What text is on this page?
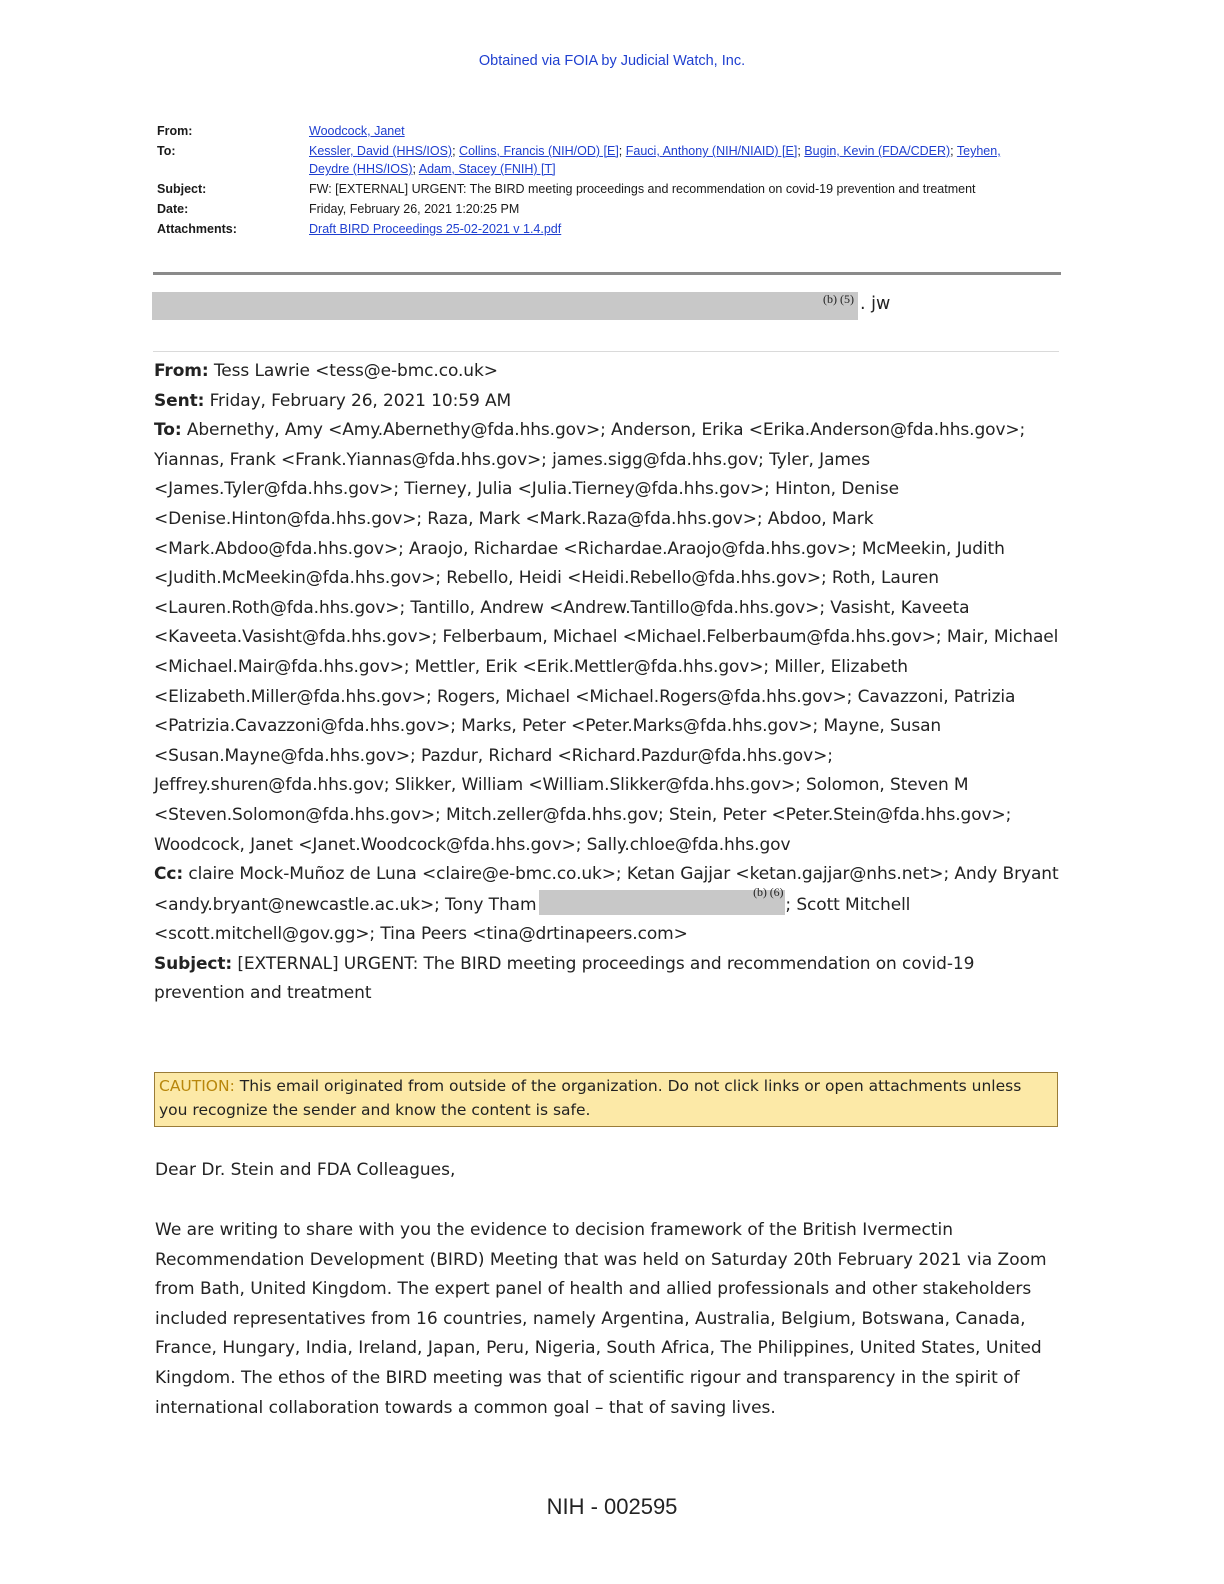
Obtained via FOIA by Judicial Watch, Inc.
From:	Woodcock, Janet
To:	Kessler, David (HHS/IOS); Collins, Francis (NIH/OD) [E]; Fauci, Anthony (NIH/NIAID) [E]; Bugin, Kevin (FDA/CDER); Teyhen, Deydre (HHS/IOS); Adam, Stacey (FNIH) [T]
Subject:	FW: [EXTERNAL] URGENT: The BIRD meeting proceedings and recommendation on covid-19 prevention and treatment
Date:	Friday, February 26, 2021 1:20:25 PM
Attachments:	Draft BIRD Proceedings 25-02-2021 v 1.4.pdf
(b) (5) . jw
From: Tess Lawrie <tess@e-bmc.co.uk>
Sent: Friday, February 26, 2021 10:59 AM
To: Abernethy, Amy <Amy.Abernethy@fda.hhs.gov>; Anderson, Erika <Erika.Anderson@fda.hhs.gov>; Yiannas, Frank <Frank.Yiannas@fda.hhs.gov>; james.sigg@fda.hhs.gov; Tyler, James <James.Tyler@fda.hhs.gov>; Tierney, Julia <Julia.Tierney@fda.hhs.gov>; Hinton, Denise <Denise.Hinton@fda.hhs.gov>; Raza, Mark <Mark.Raza@fda.hhs.gov>; Abdoo, Mark <Mark.Abdoo@fda.hhs.gov>; Araojo, Richardae <Richardae.Araojo@fda.hhs.gov>; McMeekin, Judith <Judith.McMeekin@fda.hhs.gov>; Rebello, Heidi <Heidi.Rebello@fda.hhs.gov>; Roth, Lauren <Lauren.Roth@fda.hhs.gov>; Tantillo, Andrew <Andrew.Tantillo@fda.hhs.gov>; Vasisht, Kaveeta <Kaveeta.Vasisht@fda.hhs.gov>; Felberbaum, Michael <Michael.Felberbaum@fda.hhs.gov>; Mair, Michael <Michael.Mair@fda.hhs.gov>; Mettler, Erik <Erik.Mettler@fda.hhs.gov>; Miller, Elizabeth <Elizabeth.Miller@fda.hhs.gov>; Rogers, Michael <Michael.Rogers@fda.hhs.gov>; Cavazzoni, Patrizia <Patrizia.Cavazzoni@fda.hhs.gov>; Marks, Peter <Peter.Marks@fda.hhs.gov>; Mayne, Susan <Susan.Mayne@fda.hhs.gov>; Pazdur, Richard <Richard.Pazdur@fda.hhs.gov>; Jeffrey.shuren@fda.hhs.gov; Slikker, William <William.Slikker@fda.hhs.gov>; Solomon, Steven M <Steven.Solomon@fda.hhs.gov>; Mitch.zeller@fda.hhs.gov; Stein, Peter <Peter.Stein@fda.hhs.gov>; Woodcock, Janet <Janet.Woodcock@fda.hhs.gov>; Sally.chloe@fda.hhs.gov
Cc: claire Mock-Muñoz de Luna <claire@e-bmc.co.uk>; Ketan Gajjar <ketan.gajjar@nhs.net>; Andy Bryant <andy.bryant@newcastle.ac.uk>; Tony Tham
(b) (6)
; Scott Mitchell <scott.mitchell@gov.gg>; Tina Peers <tina@drtinapeers.com>
Subject: [EXTERNAL] URGENT: The BIRD meeting proceedings and recommendation on covid-19 prevention and treatment
CAUTION: This email originated from outside of the organization. Do not click links or open attachments unless you recognize the sender and know the content is safe.
Dear Dr. Stein and FDA Colleagues,
We are writing to share with you the evidence to decision framework of the British Ivermectin Recommendation Development (BIRD) Meeting that was held on Saturday 20th February 2021 via Zoom from Bath, United Kingdom. The expert panel of health and allied professionals and other stakeholders included representatives from 16 countries, namely Argentina, Australia, Belgium, Botswana, Canada, France, Hungary, India, Ireland, Japan, Peru, Nigeria, South Africa, The Philippines, United States, United Kingdom. The ethos of the BIRD meeting was that of scientific rigour and transparency in the spirit of international collaboration towards a common goal – that of saving lives.
NIH - 002595
